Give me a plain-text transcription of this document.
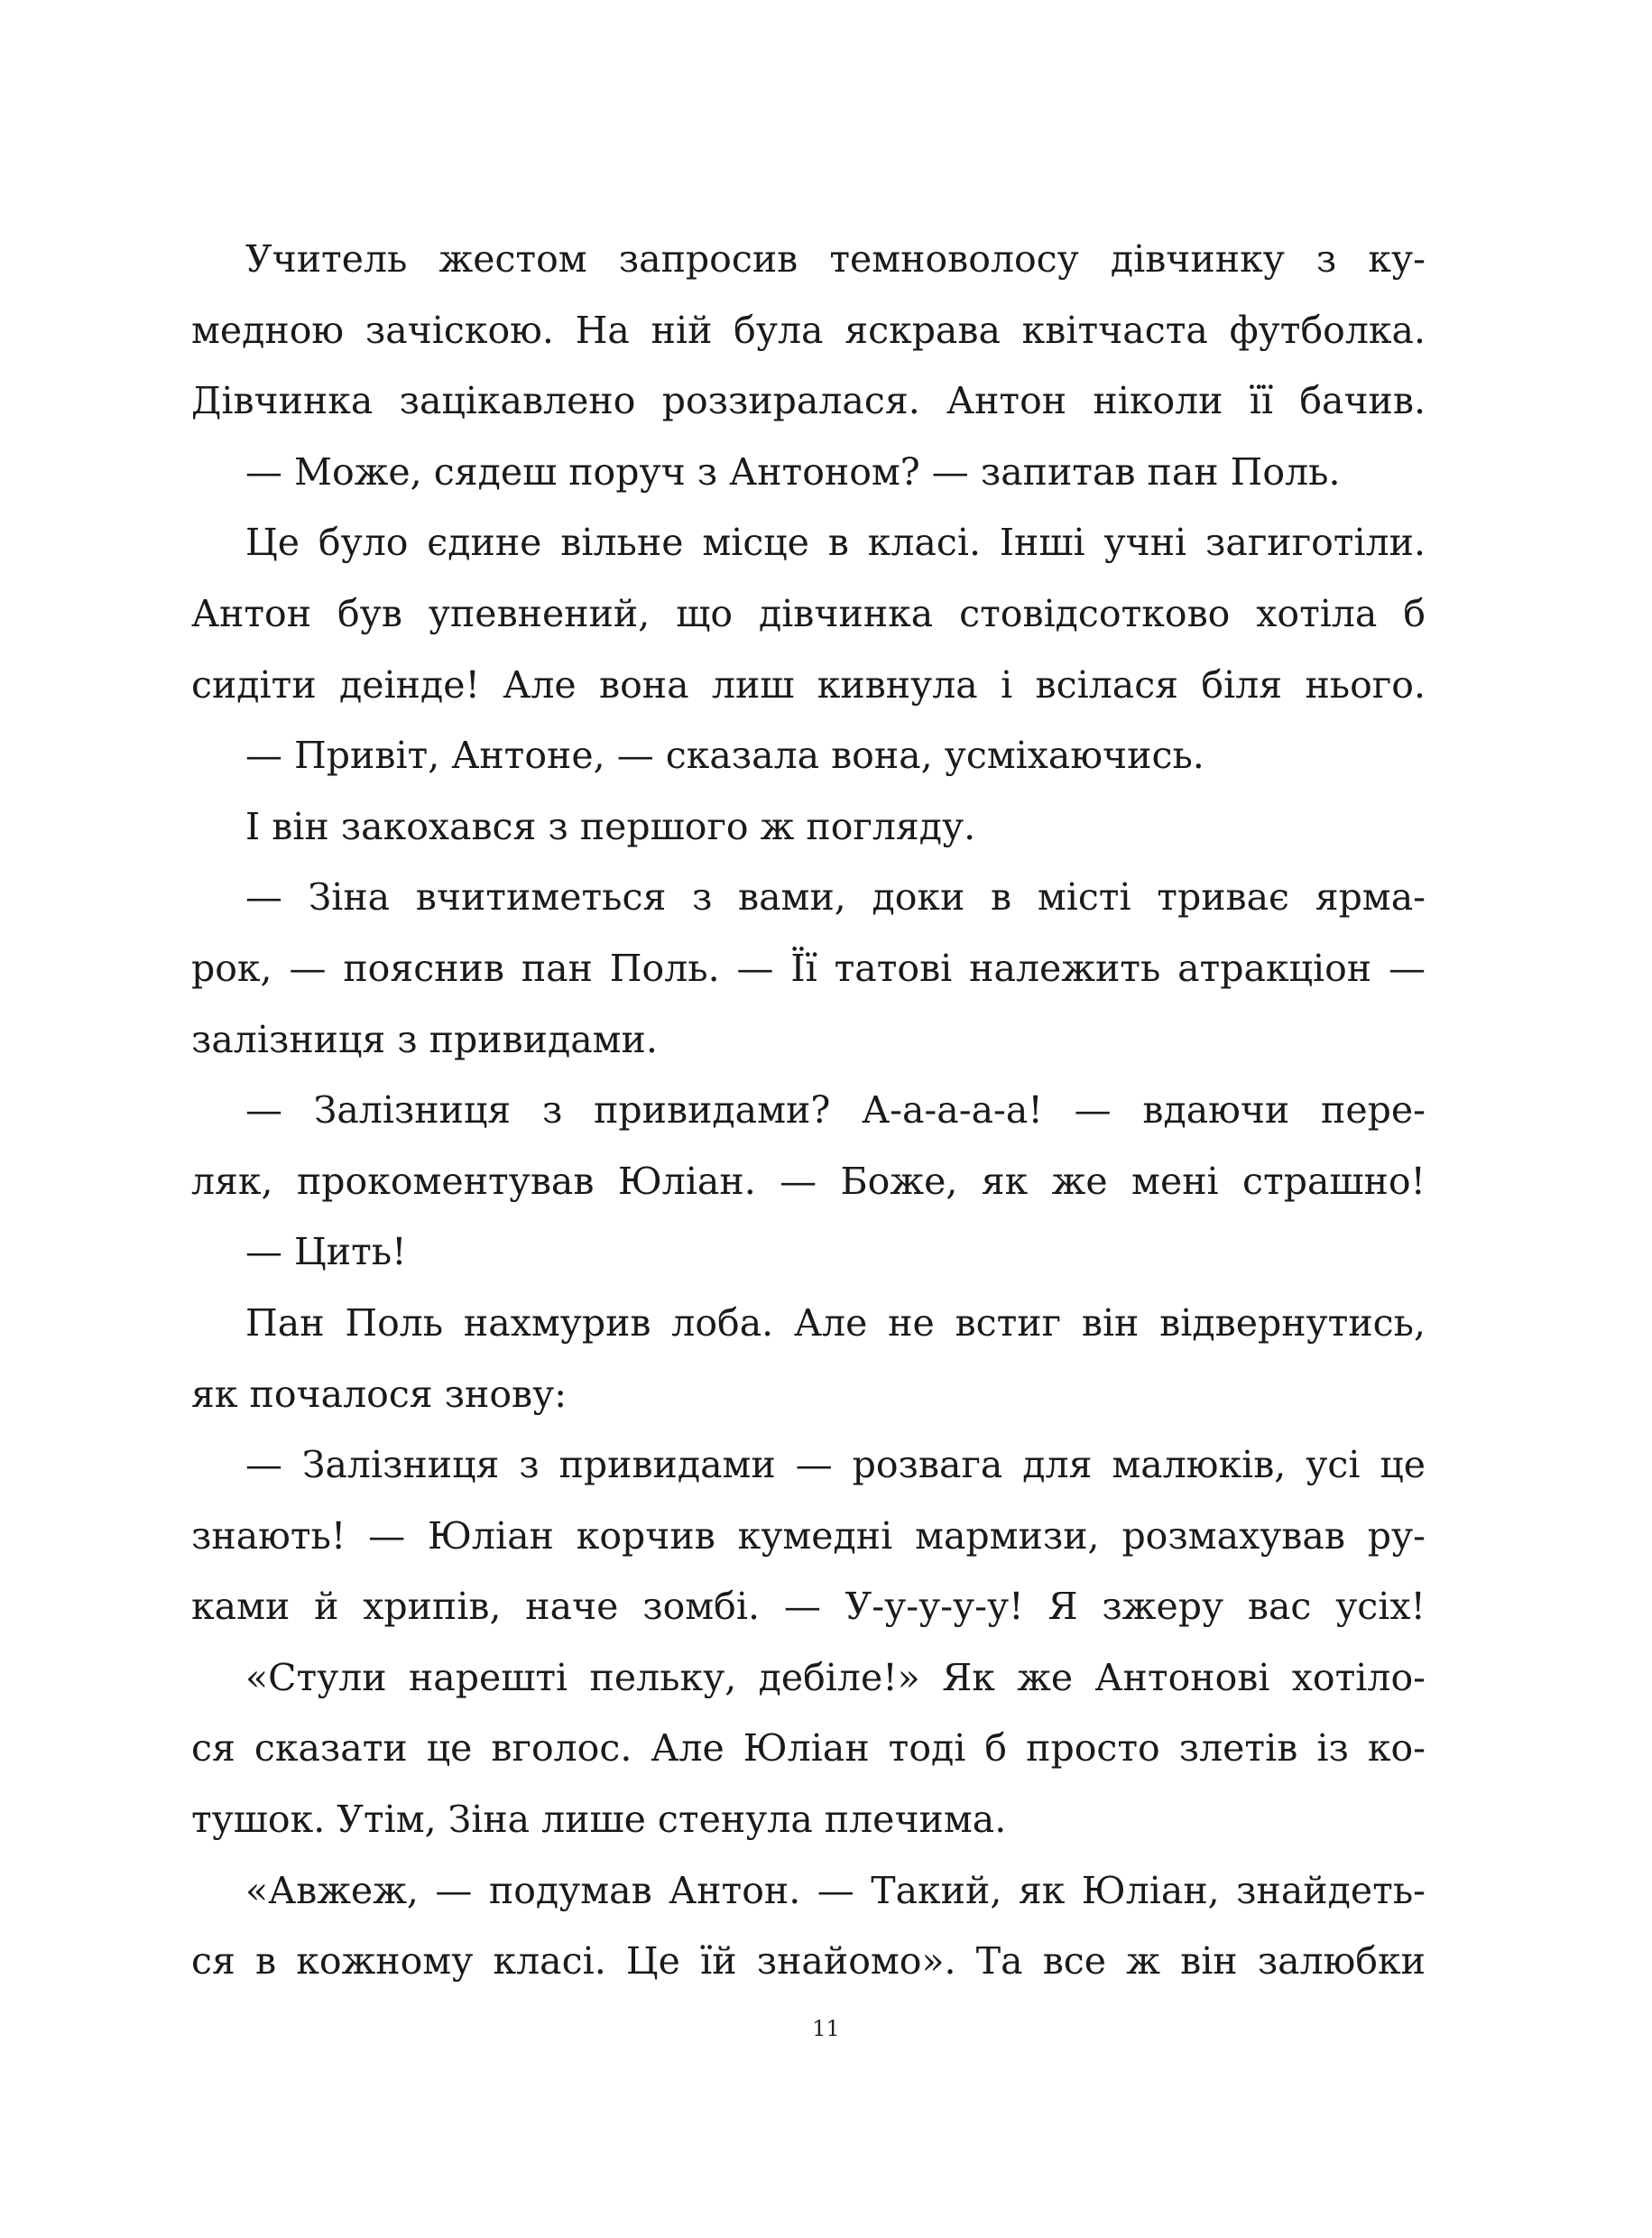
Учитель жестом запросив темноволосу дівчинку з ку-
медною зачіскою. На ній була яскрава квітчаста футболка.
Дівчинка зацікавлено роззиралася. Антон ніколи її бачив.
— Може, сядеш поруч з Антоном? — запитав пан Поль.
Це було єдине вільне місце в класі. Інші учні загиготіли.
Антон був упевнений, що дівчинка стовідсотково хотіла б
сидіти деінде! Але вона лиш кивнула і всілася біля нього.
— Привіт, Антоне, — сказала вона, усміхаючись.
І він закохався з першого ж погляду.
— Зіна вчитиметься з вами, доки в місті триває ярма-
рок, — пояснив пан Поль. — Її татові належить атракціон —
залізниця з привидами.
— Залізниця з привидами? А-а-а-а-а! — вдаючи пере-
ляк, прокоментував Юліан. — Боже, як же мені страшно!
— Цить!
Пан Поль нахмурив лоба. Але не встиг він відвернутись,
як почалося знову:
— Залізниця з привидами — розвага для малюків, усі це
знають! — Юліан корчив кумедні мармизи, розмахував ру-
ками й хрипів, наче зомбі. — У-у-у-у-у! Я зжеру вас усіх!
«Стули нарешті пельку, дебіле!» Як же Антонові хотіло-
ся сказати це вголос. Але Юліан тоді б просто злетів із ко-
тушок. Утім, Зіна лише стенула плечима.
«Авжеж, — подумав Антон. — Такий, як Юліан, знайдеть-
ся в кожному класі. Це їй знайомо». Та все ж він залюбки
11
